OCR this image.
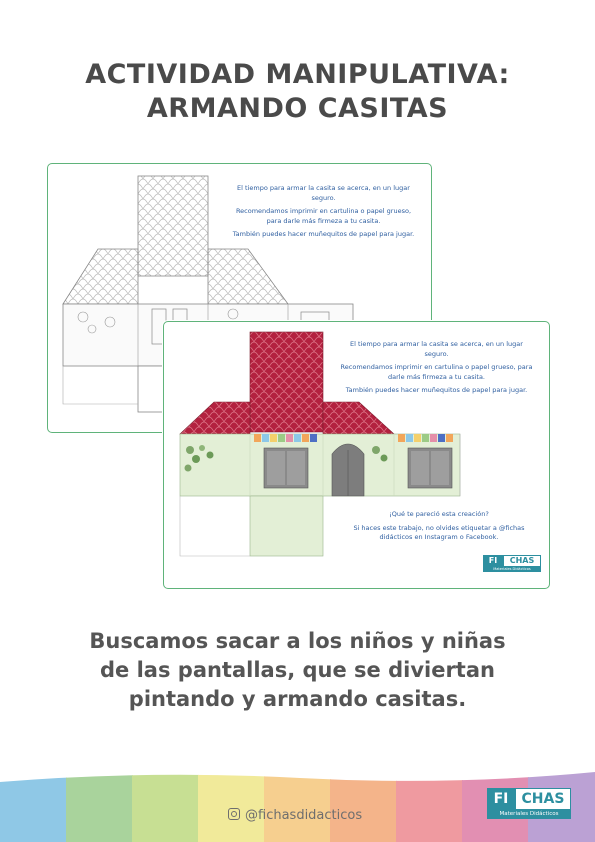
ACTIVIDAD MANIPULATIVA:
ARMANDO CASITAS

El tiempo para armar la casita se acerca, en un lugar seguro.

Recomendamos imprimir en cartulina o papel grueso, para darle más firmeza a tu casita.

También puedes hacer muñequitos de papel para jugar.

El tiempo para armar la casita se acerca, en un lugar seguro.

Recomendamos imprimir en cartulina o papel grueso, para darle más firmeza a tu casita.

También puedes hacer muñequitos de papel para jugar.

¡Qué te pareció esta creación?

Si haces este trabajo, no olvides etiquetar a @fichas didácticos en Instagram o Facebook.

FI	CHAS
Materiales Didácticos
Buscamos sacar a los niños y niñas
de las pantallas, que se diviertan
pintando y armando casitas.
@fichasdidacticos
FI CHAS
Materiales Didácticos
